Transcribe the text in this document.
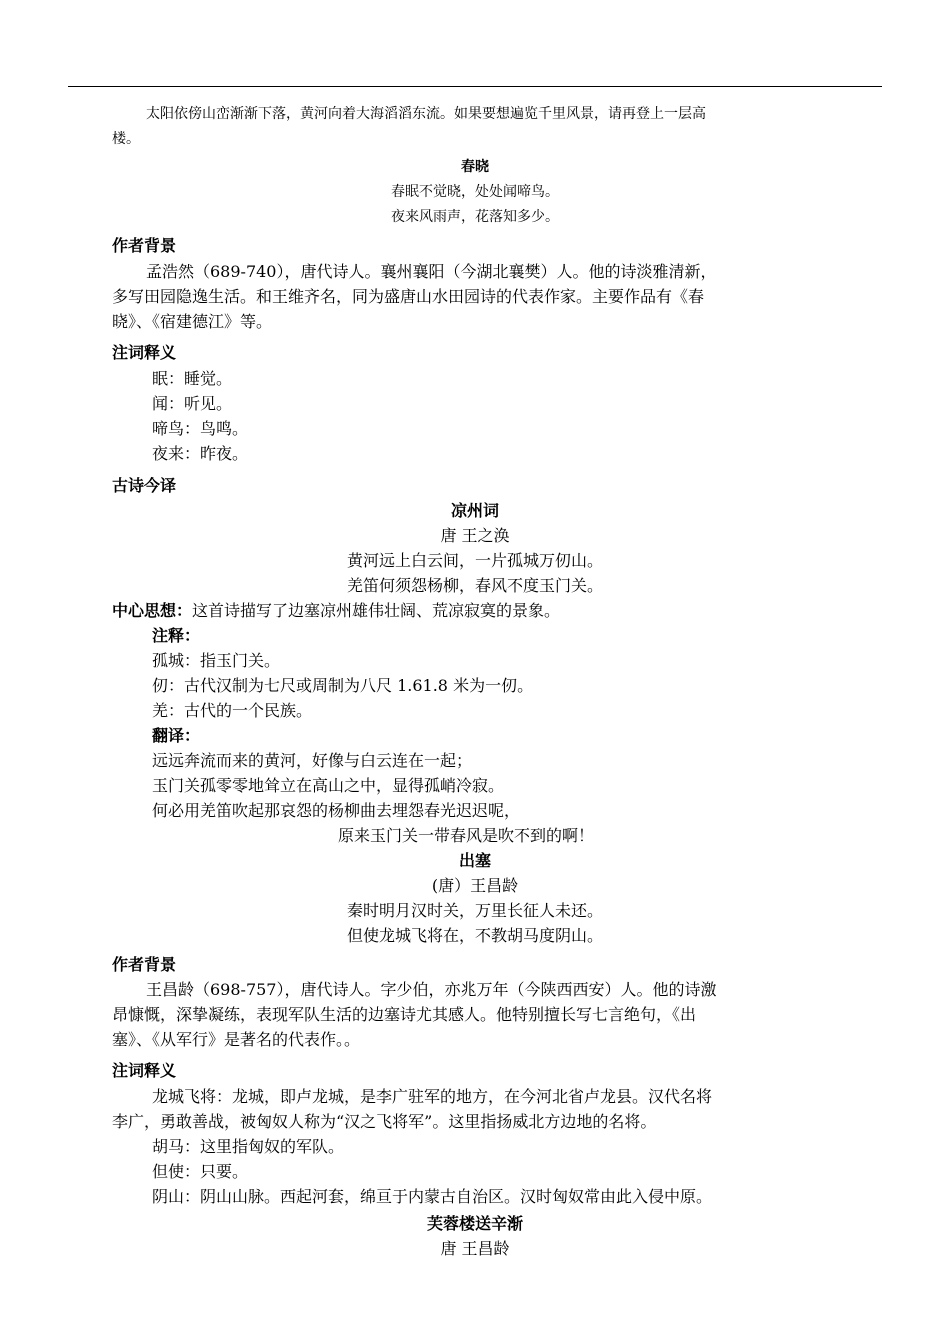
太阳依傍山峦渐渐下落，黄河向着大海滔滔东流。如果要想遍览千里风景，请再登上一层高
楼。
春晓
春眠不觉晓，处处闻啼鸟。
夜来风雨声，花落知多少。
作者背景
孟浩然（689-740），唐代诗人。襄州襄阳（今湖北襄樊）人。他的诗淡雅清新，
多写田园隐逸生活。和王维齐名，同为盛唐山水田园诗的代表作家。主要作品有《春
晓》、《宿建德江》等。
注词释义
眠：睡觉。
闻：听见。
啼鸟：鸟鸣。
夜来：昨夜。
古诗今译
凉州词
唐 王之涣
黄河远上白云间，一片孤城万仞山。
羌笛何须怨杨柳，春风不度玉门关。
中心思想：这首诗描写了边塞凉州雄伟壮阔、荒凉寂寞的景象。
注释：
孤城：指玉门关。
仞：古代汉制为七尺或周制为八尺 1.61.8 米为一仞。
羌：古代的一个民族。
翻译：
远远奔流而来的黄河，好像与白云连在一起；
玉门关孤零零地耸立在高山之中，显得孤峭冷寂。
何必用羌笛吹起那哀怨的杨柳曲去埋怨春光迟迟呢，
原来玉门关一带春风是吹不到的啊！
出塞
(唐）王昌龄
秦时明月汉时关，万里长征人未还。
但使龙城飞将在，不教胡马度阴山。
作者背景
王昌龄（698-757），唐代诗人。字少伯，亦兆万年（今陕西西安）人。他的诗激
昂慷慨，深挚凝练，表现军队生活的边塞诗尤其感人。他特别擅长写七言绝句，《出
塞》、《从军行》是著名的代表作。。
注词释义
龙城飞将：龙城，即卢龙城，是李广驻军的地方，在今河北省卢龙县。汉代名将
李广，勇敢善战，被匈奴人称为“汉之飞将军”。这里指扬威北方边地的名将。
胡马：这里指匈奴的军队。
但使：只要。
阴山：阴山山脉。西起河套，绵亘于内蒙古自治区。汉时匈奴常由此入侵中原。
芙蓉楼送辛渐
唐 王昌龄
